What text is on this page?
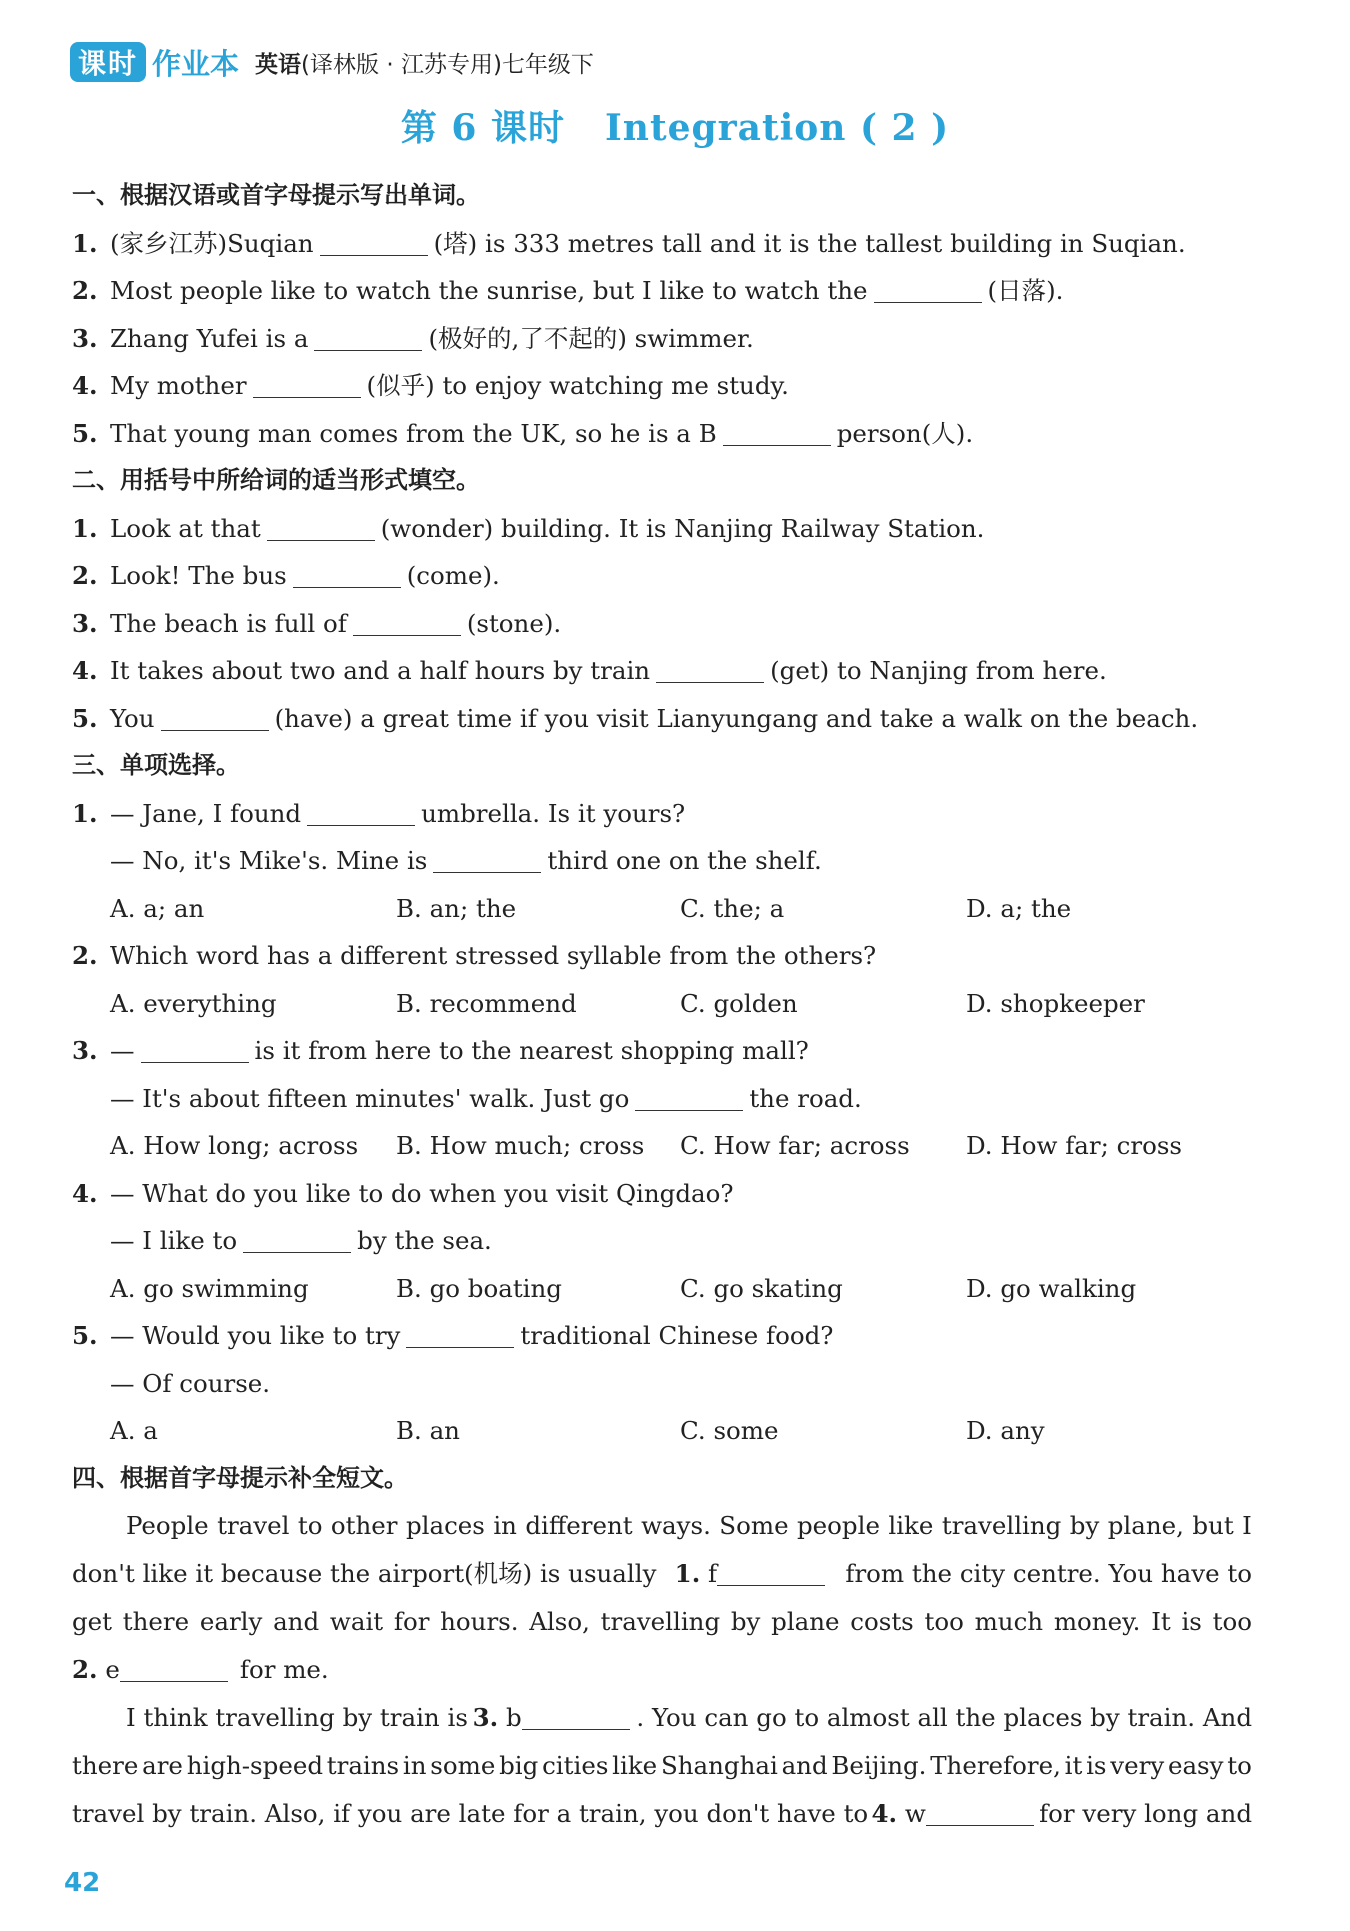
课时 作业本 英语(译林版 · 江苏专用)七年级下
第 6 课时 Integration ( 2 )
一、根据汉语或首字母提示写出单词。
1. (家乡江苏)Suqian	(塔) is 333 metres tall and it is the tallest building in Suqian.
2. Most people like to watch the sunrise, but I like to watch the	(日落).
3. Zhang Yufei is a	(极好的,了不起的) swimmer.
4. My mother	(似乎) to enjoy watching me study.
5. That young man comes from the UK, so he is a B	person(人).
二、用括号中所给词的适当形式填空。
1. Look at that	(wonder) building. It is Nanjing Railway Station.
2. Look! The bus	(come).
3. The beach is full of	(stone).
4. It takes about two and a half hours by train	(get) to Nanjing from here.
5. You	(have) a great time if you visit Lianyungang and take a walk on the beach.
三、单项选择。
1. — Jane, I found	umbrella. Is it yours?
— No, it's Mike's. Mine is	third one on the shelf.
A. a; an	B. an; the	C. the; a	D. a; the
2. Which word has a different stressed syllable from the others?
A. everything	B. recommend	C. golden	D. shopkeeper
3. —	is it from here to the nearest shopping mall?
— It's about fifteen minutes' walk. Just go	the road.
A. How long; across	B. How much; cross	C. How far; across	D. How far; cross
4. — What do you like to do when you visit Qingdao?
— I like to	by the sea.
A. go swimming	B. go boating	C. go skating	D. go walking
5. — Would you like to try	traditional Chinese food?
— Of course.
A. a	B. an	C. some	D. any
四、根据首字母提示补全短文。
People travel to other places in different ways. Some people like travelling by plane, but I
don't like it because the airport(机场) is usually 1. f	from the city centre. You have to
get there early and wait for hours. Also, travelling by plane costs too much money. It is too
2. e	for me.
I think travelling by train is 3. b	. You can go to almost all the places by train. And
there are high-speed trains in some big cities like Shanghai and Beijing. Therefore, it is very easy to
travel by train. Also, if you are late for a train, you don't have to 4. w	for very long and
42
